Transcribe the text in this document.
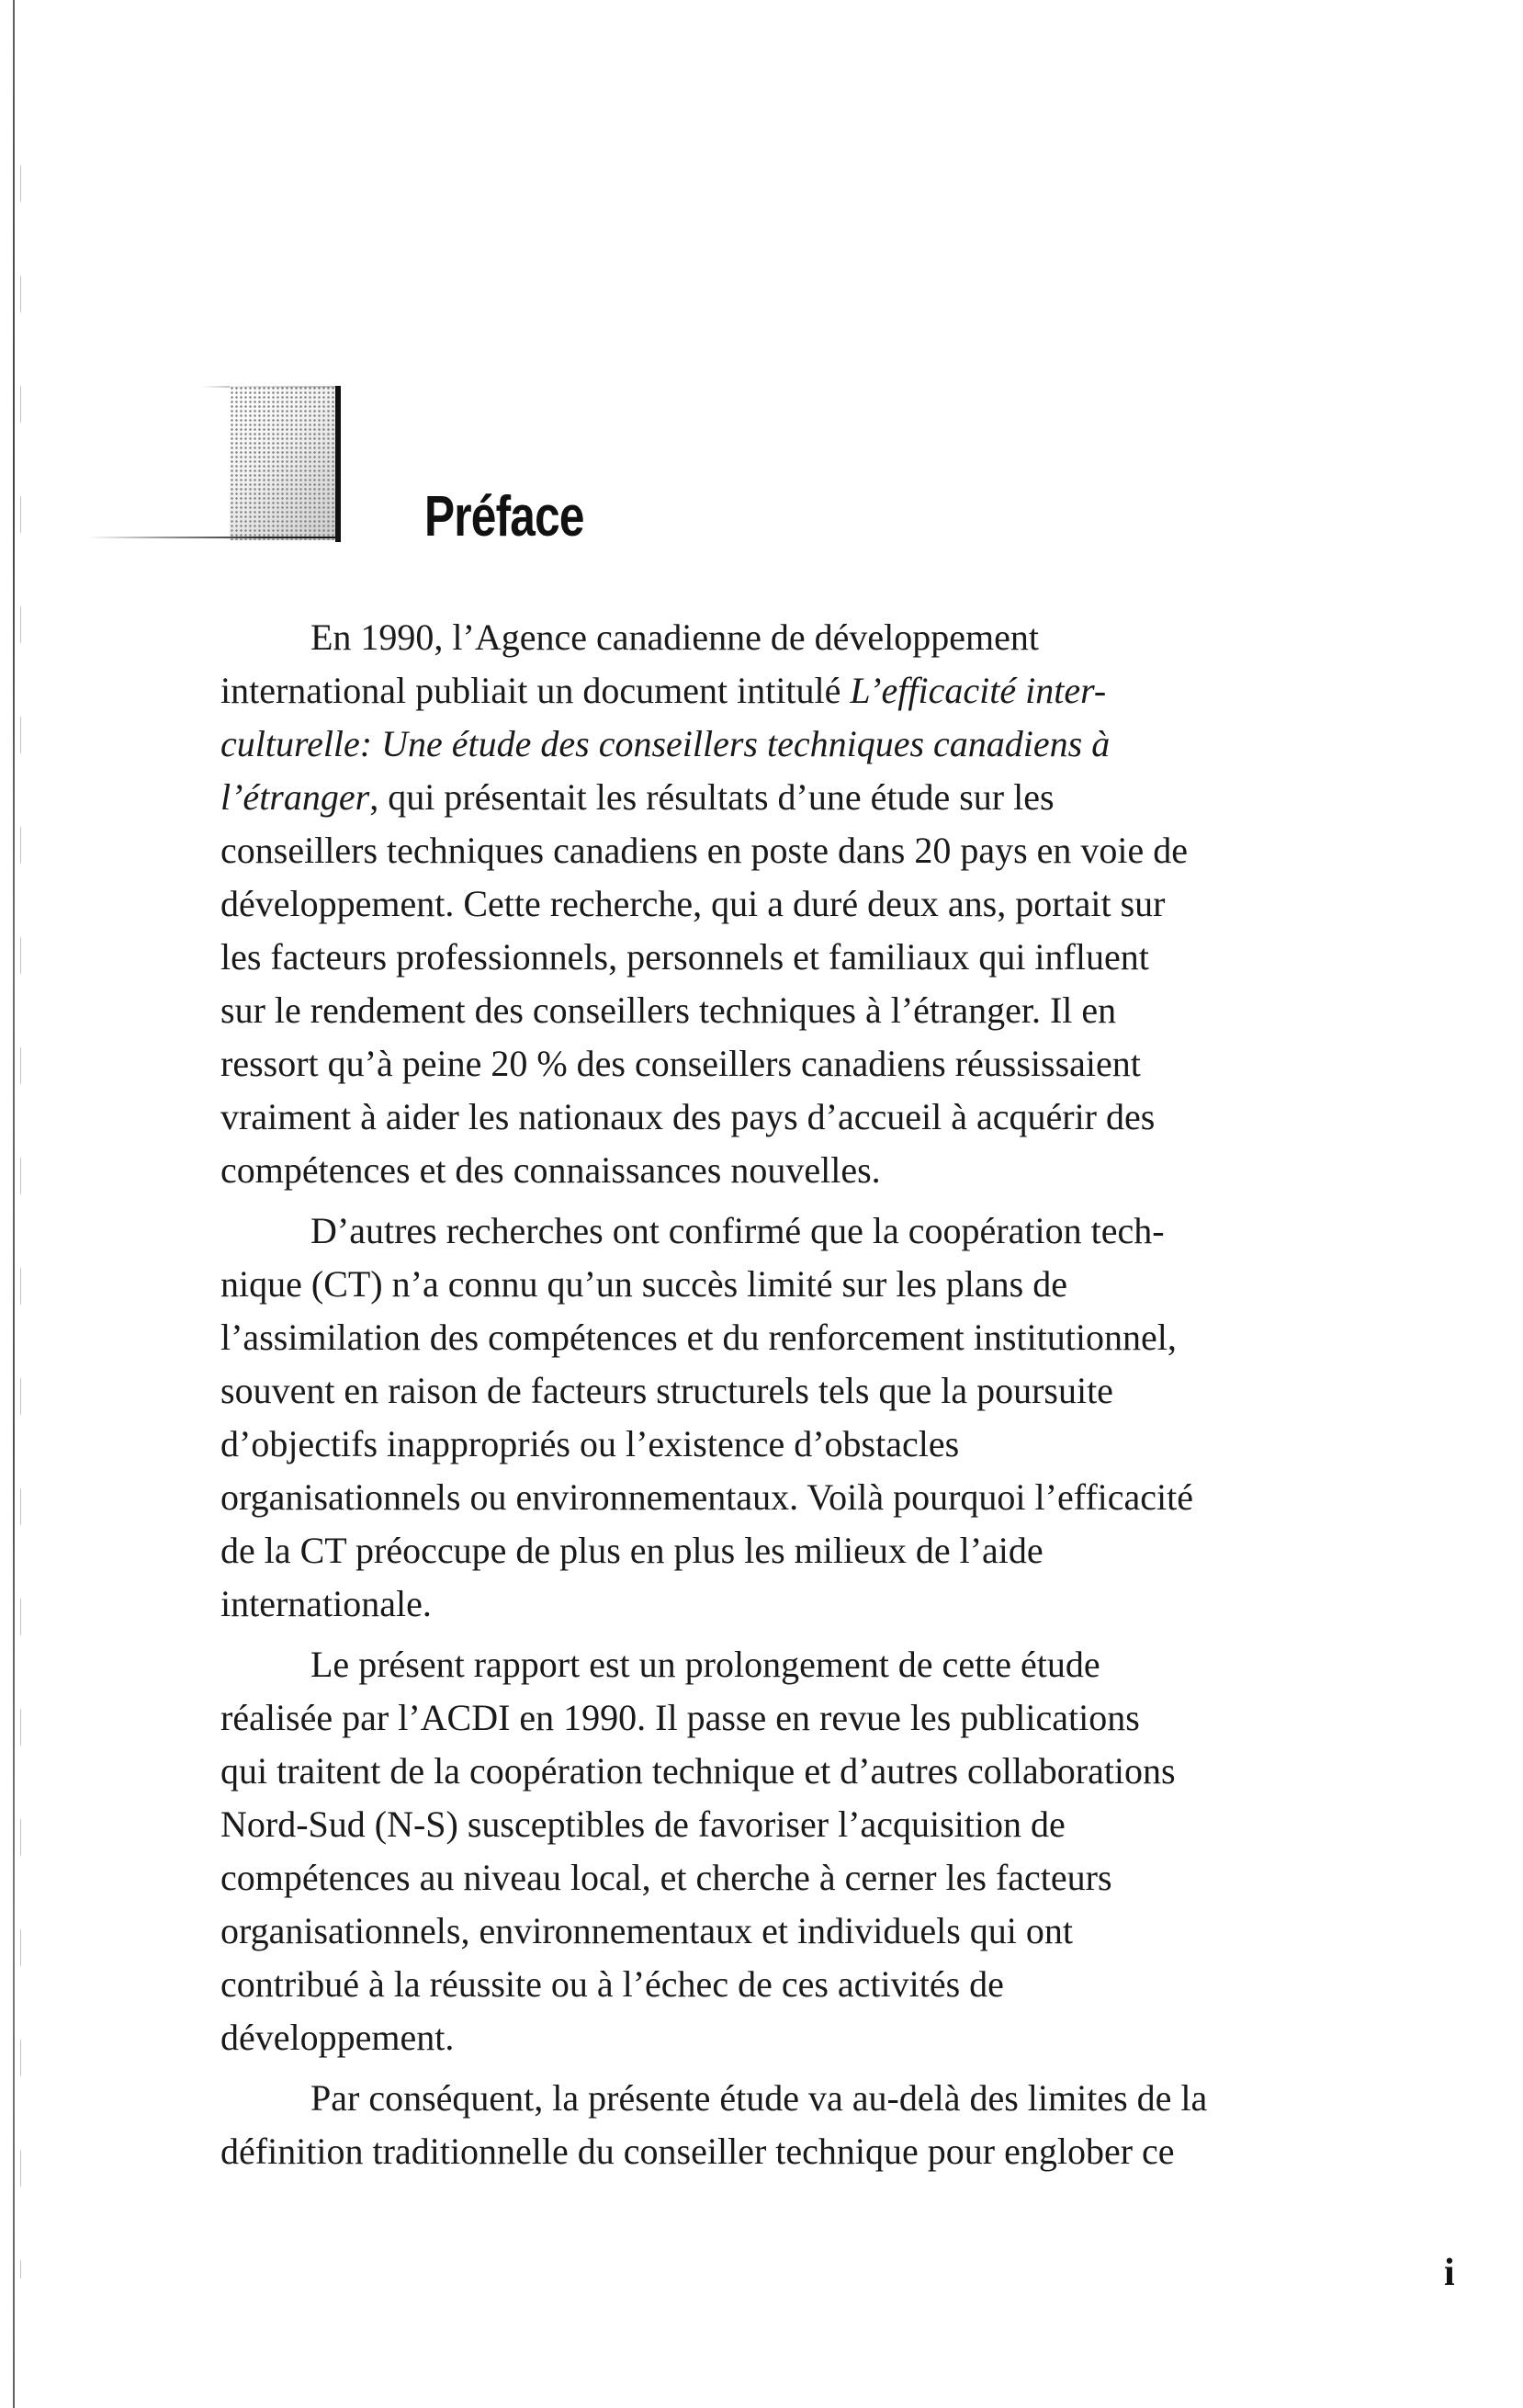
Préface
En 1990, l’Agence canadienne de développement
international publiait un document intitulé L’efficacité inter-
culturelle: Une étude des conseillers techniques canadiens à
l’étranger, qui présentait les résultats d’une étude sur les
conseillers techniques canadiens en poste dans 20 pays en voie de
développement. Cette recherche, qui a duré deux ans, portait sur
les facteurs professionnels, personnels et familiaux qui influent
sur le rendement des conseillers techniques à l’étranger. Il en
ressort qu’à peine 20 % des conseillers canadiens réussissaient
vraiment à aider les nationaux des pays d’accueil à acquérir des
compétences et des connaissances nouvelles.
D’autres recherches ont confirmé que la coopération tech-
nique (CT) n’a connu qu’un succès limité sur les plans de
l’assimilation des compétences et du renforcement institutionnel,
souvent en raison de facteurs structurels tels que la poursuite
d’objectifs inappropriés ou l’existence d’obstacles
organisationnels ou environnementaux. Voilà pourquoi l’efficacité
de la CT préoccupe de plus en plus les milieux de l’aide
internationale.
Le présent rapport est un prolongement de cette étude
réalisée par l’ACDI en 1990. Il passe en revue les publications
qui traitent de la coopération technique et d’autres collaborations
Nord-Sud (N-S) susceptibles de favoriser l’acquisition de
compétences au niveau local, et cherche à cerner les facteurs
organisationnels, environnementaux et individuels qui ont
contribué à la réussite ou à l’échec de ces activités de
développement.
Par conséquent, la présente étude va au-delà des limites de la
définition traditionnelle du conseiller technique pour englober ce
i
